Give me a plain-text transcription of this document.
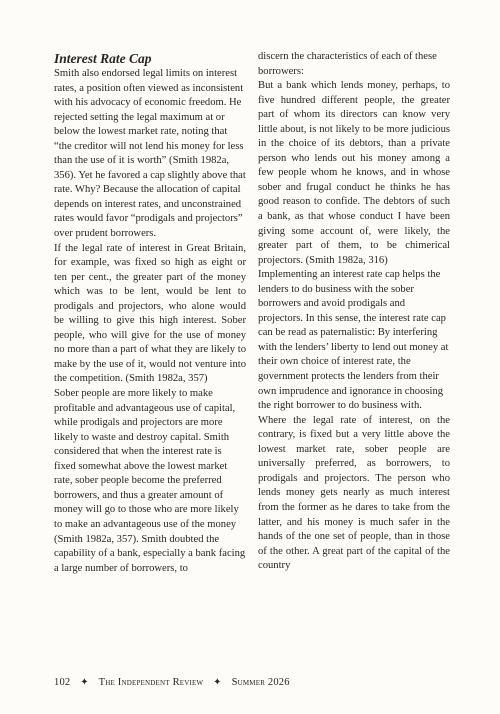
Interest Rate Cap

Smith also endorsed legal limits on interest rates, a position often viewed as inconsistent with his advocacy of economic freedom. He rejected setting the legal maximum at or below the lowest market rate, noting that “the creditor will not lend his money for less than the use of it is worth” (Smith 1982a, 356). Yet he favored a cap slightly above that rate. Why? Because the allocation of capital depends on interest rates, and unconstrained rates would favor “prodigals and projectors” over prudent borrowers.

If the legal rate of interest in Great Britain, for example, was fixed so high as eight or ten per cent., the greater part of the money which was to be lent, would be lent to prodigals and projectors, who alone would be willing to give this high interest. Sober people, who will give for the use of money no more than a part of what they are likely to make by the use of it, would not venture into the competition. (Smith 1982a, 357)

Sober people are more likely to make profitable and advantageous use of capital, while prodigals and projectors are more likely to waste and destroy capital. Smith considered that when the interest rate is fixed somewhat above the lowest market rate, sober people become the preferred borrowers, and thus a greater amount of money will go to those who are more likely to make an advantageous use of the money (Smith 1982a, 357). Smith doubted the capability of a bank, especially a bank facing a large number of borrowers, to

discern the characteristics of each of these borrowers:

But a bank which lends money, perhaps, to five hundred different people, the greater part of whom its directors can know very little about, is not likely to be more judicious in the choice of its debtors, than a private person who lends out his money among a few people whom he knows, and in whose sober and frugal conduct he thinks he has good reason to confide. The debtors of such a bank, as that whose conduct I have been giving some account of, were likely, the greater part of them, to be chimerical projectors. (Smith 1982a, 316)

Implementing an interest rate cap helps the lenders to do business with the sober borrowers and avoid prodigals and projectors. In this sense, the interest rate cap can be read as paternalistic: By interfering with the lenders’ liberty to lend out money at their own choice of interest rate, the government protects the lenders from their own imprudence and ignorance in choosing the right borrower to do business with.

Where the legal rate of interest, on the contrary, is fixed but a very little above the lowest market rate, sober people are universally preferred, as borrowers, to prodigals and projectors. The person who lends money gets nearly as much interest from the former as he dares to take from the latter, and his money is much safer in the hands of the one set of people, than in those of the other. A great part of the capital of the country

102 ✦ The Independent Review ✦ Summer 2026
